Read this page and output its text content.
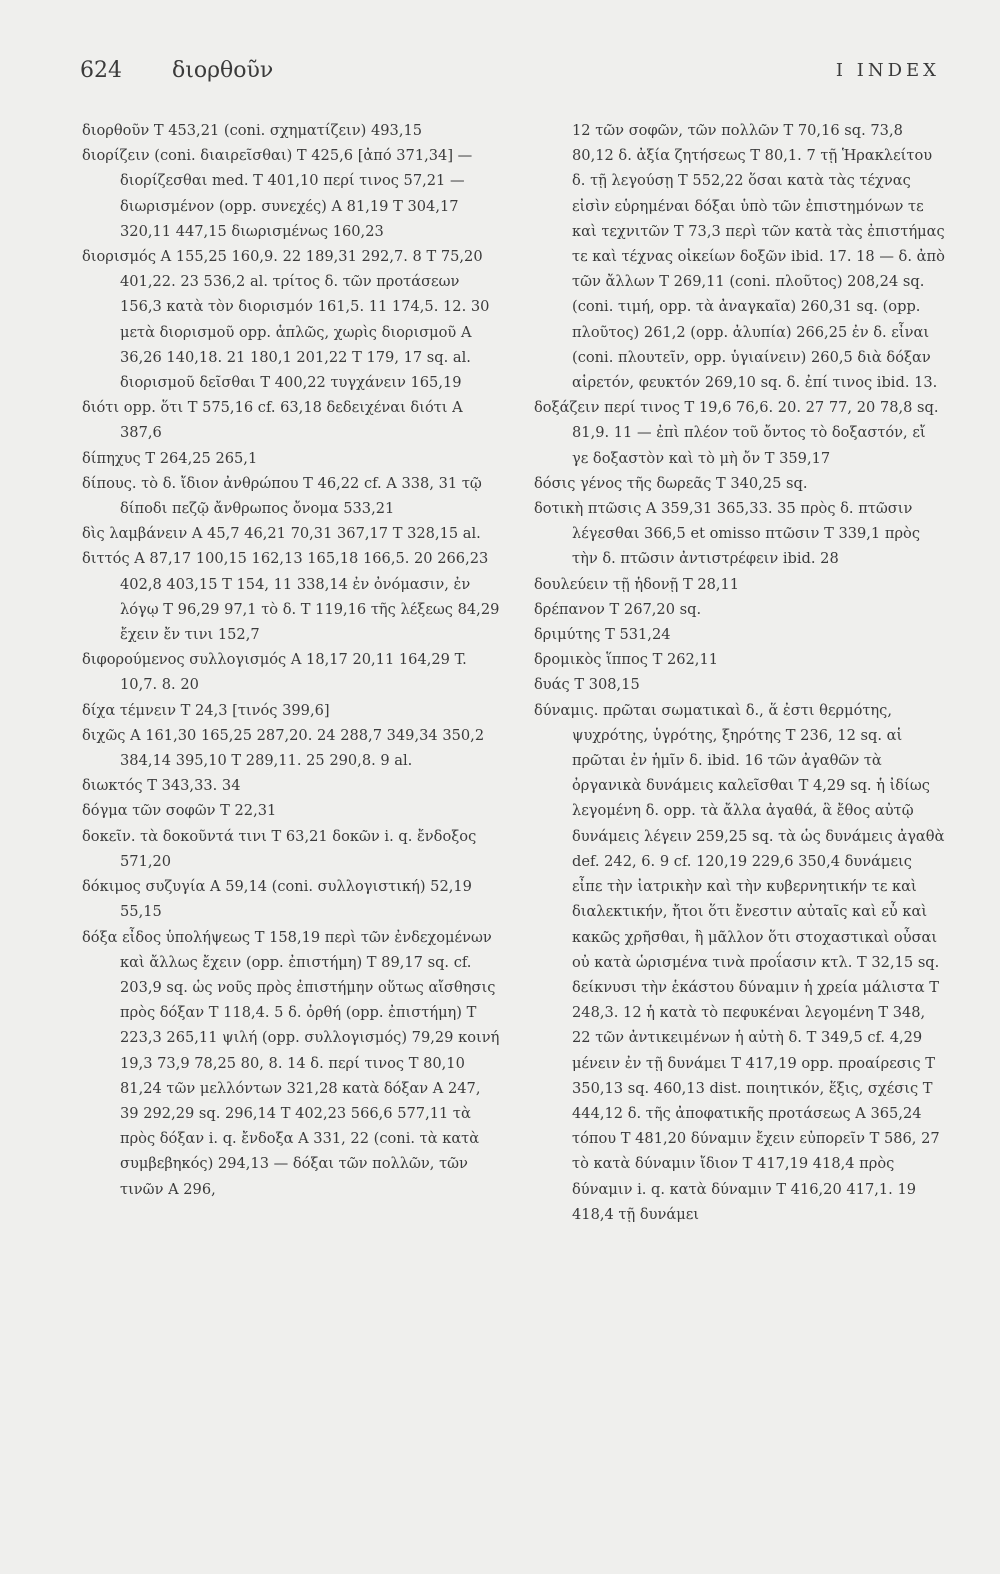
624 διορθοῦν	I INDEX

διορθοῦν T 453,21 (coni. σχηματίζειν) 493,15

διορίζειν (coni. διαιρεῖσθαι) T 425,6 [ἀπό 371,34] — διορίζεσθαι med. T 401,10 περί τινος 57,21 — διωρισμένον (opp. συνεχές) A 81,19 T 304,17 320,11 447,15 διωρισμένως 160,23

διορισμός A 155,25 160,9. 22 189,31 292,7. 8 T 75,20 401,22. 23 536,2 al. τρίτος δ. τῶν προτάσεων 156,3 κατὰ τὸν διορισμόν 161,5. 11 174,5. 12. 30 μετὰ διορισμοῦ opp. ἁπλῶς, χωρὶς διορισμοῦ A 36,26 140,18. 21 180,1 201,22 T 179, 17 sq. al. διορισμοῦ δεῖσθαι T 400,22 τυγχάνειν 165,19

διότι opp. ὅτι T 575,16 cf. 63,18 δεδειχέναι διότι A 387,6

δίπηχυς T 264,25 265,1

δίπους. τὸ δ. ἴδιον ἀνθρώπου T 46,22 cf. A 338, 31 τῷ δίποδι πεζῷ ἄνθρωπος ὄνομα 533,21

δὶς λαμβάνειν A 45,7 46,21 70,31 367,17 T 328,15 al.

διττός A 87,17 100,15 162,13 165,18 166,5. 20 266,23 402,8 403,15 T 154, 11 338,14 ἐν ὀνόμασιν, ἐν λόγῳ T 96,29 97,1 τὸ δ. T 119,16 τῆς λέξεως 84,29 ἔχειν ἔν τινι 152,7

διφορούμενος συλλογισμός A 18,17 20,11 164,29 T. 10,7. 8. 20

δίχα τέμνειν T 24,3 [τινός 399,6]

διχῶς A 161,30 165,25 287,20. 24 288,7 349,34 350,2 384,14 395,10 T 289,11. 25 290,8. 9 al.

διωκτός T 343,33. 34

δόγμα τῶν σοφῶν T 22,31

δοκεῖν. τὰ δοκοῦντά τινι T 63,21 δοκῶν i. q. ἔνδοξος 571,20

δόκιμος συζυγία A 59,14 (coni. συλλογιστική) 52,19 55,15

δόξα εἶδος ὑπολήψεως T 158,19 περὶ τῶν ἐνδεχομένων καὶ ἄλλως ἔχειν (opp. ἐπιστήμη) T 89,17 sq. cf. 203,9 sq. ὡς νοῦς πρὸς ἐπιστήμην οὕτως αἴσθησις πρὸς δόξαν T 118,4. 5 δ. ὀρθή (opp. ἐπιστήμη) T 223,3 265,11 ψιλή (opp. συλλογισμός) 79,29 κοινή 19,3 73,9 78,25 80, 8. 14 δ. περί τινος T 80,10 81,24 τῶν μελλόντων 321,28 κατὰ δόξαν A 247, 39 292,29 sq. 296,14 T 402,23 566,6 577,11 τὰ πρὸς δόξαν i. q. ἔνδοξα A 331, 22 (coni. τὰ κατὰ συμβεβηκός) 294,13 — δόξαι τῶν πολλῶν, τῶν τινῶν A 296,

12 τῶν σοφῶν, τῶν πολλῶν T 70,16 sq. 73,8 80,12 δ. ἀξία ζητήσεως T 80,1. 7 τῇ Ἡρακλείτου δ. τῇ λεγούσῃ T 552,22 ὅσαι κατὰ τὰς τέχνας εἰσὶν εὑρημέναι δόξαι ὑπὸ τῶν ἐπιστημόνων τε καὶ τεχνιτῶν T 73,3 περὶ τῶν κατὰ τὰς ἐπιστήμας τε καὶ τέχνας οἰκείων δοξῶν ibid. 17. 18 — δ. ἀπὸ τῶν ἄλλων T 269,11 (coni. πλοῦτος) 208,24 sq. (coni. τιμή, opp. τὰ ἀναγκαῖα) 260,31 sq. (opp. πλοῦτος) 261,2 (opp. ἀλυπία) 266,25 ἐν δ. εἶναι (coni. πλουτεῖν, opp. ὑγιαίνειν) 260,5 διὰ δόξαν αἱρετόν, φευκτόν 269,10 sq. δ. ἐπί τινος ibid. 13.

δοξάζειν περί τινος T 19,6 76,6. 20. 27 77, 20 78,8 sq. 81,9. 11 — ἐπὶ πλέον τοῦ ὄντος τὸ δοξαστόν, εἴ γε δοξαστὸν καὶ τὸ μὴ ὄν T 359,17

δόσις γένος τῆς δωρεᾶς T 340,25 sq.

δοτικὴ πτῶσις A 359,31 365,33. 35 πρὸς δ. πτῶσιν λέγεσθαι 366,5 et omisso πτῶσιν T 339,1 πρὸς τὴν δ. πτῶσιν ἀντιστρέφειν ibid. 28

δουλεύειν τῇ ἡδονῇ T 28,11

δρέπανον T 267,20 sq.

δριμύτης T 531,24

δρομικὸς ἵππος T 262,11

δυάς T 308,15

δύναμις. πρῶται σωματικαὶ δ., ἅ ἐστι θερμότης, ψυχρότης, ὑγρότης, ξηρότης T 236, 12 sq. αἱ πρῶται ἐν ἡμῖν δ. ibid. 16 τῶν ἀγαθῶν τὰ ὀργανικὰ δυνάμεις καλεῖσθαι T 4,29 sq. ἡ ἰδίως λεγομένη δ. opp. τὰ ἄλλα ἀγαθά, ἃ ἔθος αὐτῷ δυνάμεις λέγειν 259,25 sq. τὰ ὡς δυνάμεις ἀγαθὰ def. 242, 6. 9 cf. 120,19 229,6 350,4 δυνάμεις εἶπε τὴν ἰατρικὴν καὶ τὴν κυβερνητικήν τε καὶ διαλεκτικήν, ἤτοι ὅτι ἔνεστιν αὐταῖς καὶ εὖ καὶ κακῶς χρῆσθαι, ἢ μᾶλλον ὅτι στοχαστικαὶ οὖσαι οὐ κατὰ ὡρισμένα τινὰ προΐασιν κτλ. T 32,15 sq. δείκνυσι τὴν ἑκάστου δύναμιν ἡ χρεία μάλιστα T 248,3. 12 ἡ κατὰ τὸ πεφυκέναι λεγομένη T 348, 22 τῶν ἀντικειμένων ἡ αὐτὴ δ. T 349,5 cf. 4,29 μένειν ἐν τῇ δυνάμει T 417,19 opp. προαίρεσις T 350,13 sq. 460,13 dist. ποιητικόν, ἕξις, σχέσις T 444,12 δ. τῆς ἀποφατικῆς προτάσεως A 365,24 τόπου T 481,20 δύναμιν ἔχειν εὐπορεῖν T 586, 27 τὸ κατὰ δύναμιν ἴδιον T 417,19 418,4 πρὸς δύναμιν i. q. κατὰ δύναμιν T 416,20 417,1. 19 418,4 τῇ δυνάμει
